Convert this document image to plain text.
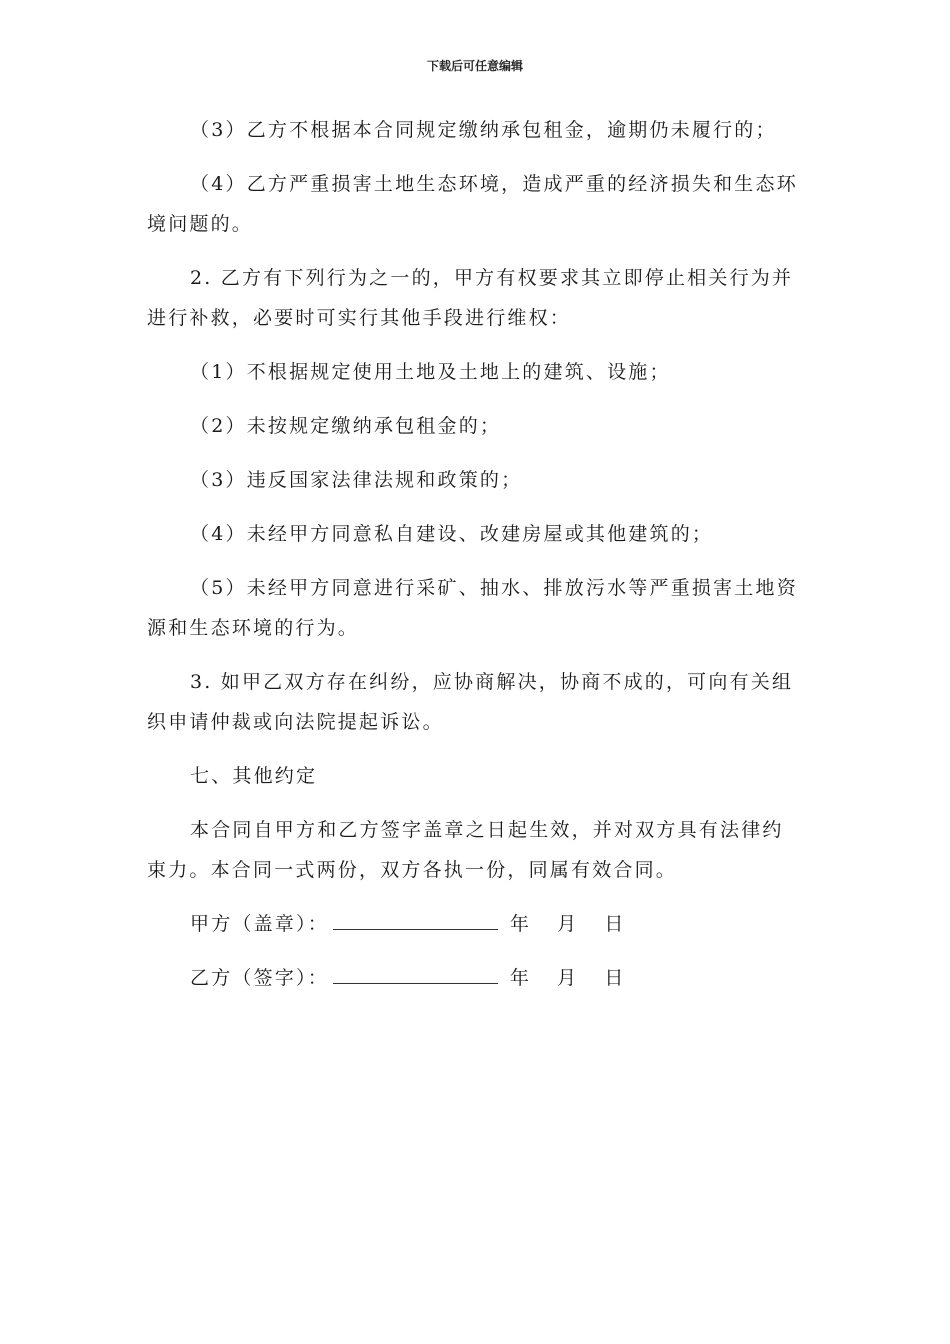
下载后可任意编辑

（3）乙方不根据本合同规定缴纳承包租金，逾期仍未履行的；

（4）乙方严重损害土地生态环境，造成严重的经济损失和生态环境问题的。

2. 乙方有下列行为之一的，甲方有权要求其立即停止相关行为并进行补救，必要时可实行其他手段进行维权：

（1）不根据规定使用土地及土地上的建筑、设施；

（2）未按规定缴纳承包租金的；

（3）违反国家法律法规和政策的；

（4）未经甲方同意私自建设、改建房屋或其他建筑的；

（5）未经甲方同意进行采矿、抽水、排放污水等严重损害土地资源和生态环境的行为。

3. 如甲乙双方存在纠纷，应协商解决，协商不成的，可向有关组织申请仲裁或向法院提起诉讼。

七、其他约定

本合同自甲方和乙方签字盖章之日起生效，并对双方具有法律约束力。本合同一式两份，双方各执一份，同属有效合同。

甲方（盖章）：	年 月 日
乙方（签字）：	年 月 日
